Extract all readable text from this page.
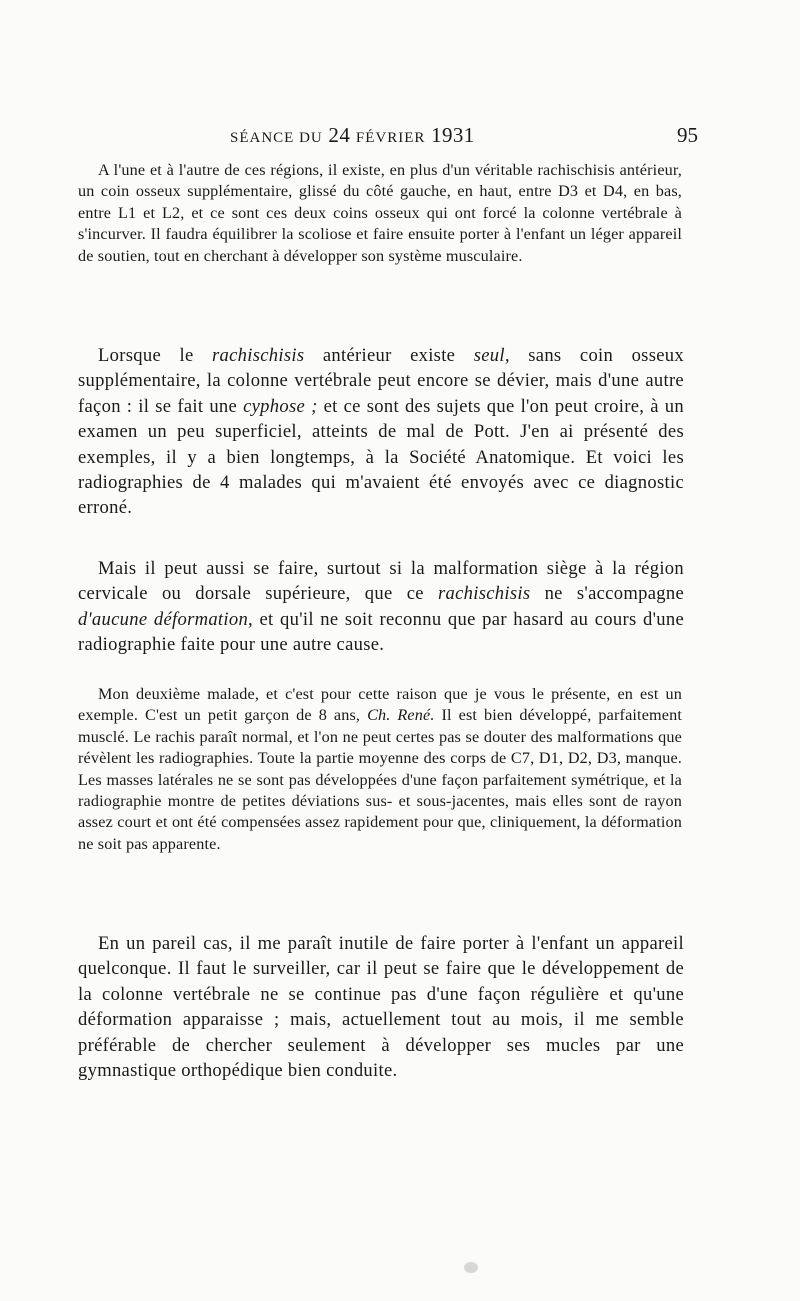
SÉANCE DU 24 FÉVRIER 1931	95

A l'une et à l'autre de ces régions, il existe, en plus d'un véritable rachischisis antérieur, un coin osseux supplémentaire, glissé du côté gauche, en haut, entre D3 et D4, en bas, entre L1 et L2, et ce sont ces deux coins osseux qui ont forcé la colonne vertébrale à s'incurver. Il faudra équilibrer la scoliose et faire ensuite porter à l'enfant un léger appareil de soutien, tout en cherchant à développer son système musculaire.

Lorsque le rachischisis antérieur existe seul, sans coin osseux supplémentaire, la colonne vertébrale peut encore se dévier, mais d'une autre façon : il se fait une cyphose ; et ce sont des sujets que l'on peut croire, à un examen un peu superficiel, atteints de mal de Pott. J'en ai présenté des exemples, il y a bien longtemps, à la Société Anatomique. Et voici les radiographies de 4 malades qui m'avaient été envoyés avec ce diagnostic erroné.

Mais il peut aussi se faire, surtout si la malformation siège à la région cervicale ou dorsale supérieure, que ce rachischisis ne s'accompagne d'aucune déformation, et qu'il ne soit reconnu que par hasard au cours d'une radiographie faite pour une autre cause.

Mon deuxième malade, et c'est pour cette raison que je vous le présente, en est un exemple. C'est un petit garçon de 8 ans, Ch. René. Il est bien développé, parfaitement musclé. Le rachis paraît normal, et l'on ne peut certes pas se douter des malformations que révèlent les radiographies. Toute la partie moyenne des corps de C7, D1, D2, D3, manque. Les masses latérales ne se sont pas développées d'une façon parfaitement symétrique, et la radiographie montre de petites déviations sus- et sous-jacentes, mais elles sont de rayon assez court et ont été compensées assez rapidement pour que, cliniquement, la déformation ne soit pas apparente.

En un pareil cas, il me paraît inutile de faire porter à l'enfant un appareil quelconque. Il faut le surveiller, car il peut se faire que le développement de la colonne vertébrale ne se continue pas d'une façon régulière et qu'une déformation apparaisse ; mais, actuellement tout au mois, il me semble préférable de chercher seulement à développer ses mucles par une gymnastique orthopédique bien conduite.
